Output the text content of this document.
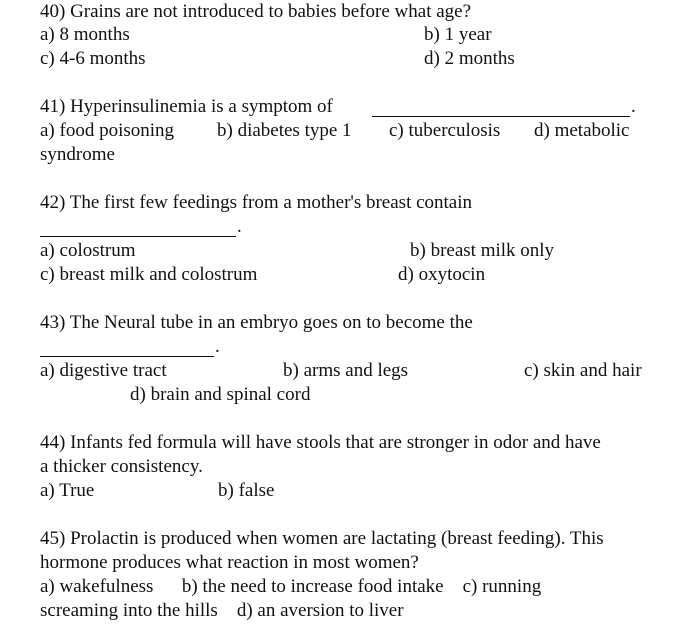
40) Grains are not introduced to babies before what age?
a) 8 months	b) 1 year
c) 4-6 months	d) 2 months
41) Hyperinsulinemia is a symptom of	.
a) food poisoning b) diabetes type 1 c) tuberculosis d) metabolic
syndrome
42) The first few feedings from a mother's breast contain
.
a) colostrum	b) breast milk only
c) breast milk and colostrum	d) oxytocin
43) The Neural tube in an embryo goes on to become the
.
a) digestive tract	b) arms and legs	c) skin and hair
d) brain and spinal cord
44) Infants fed formula will have stools that are stronger in odor and have
a thicker consistency.
a) True	b) false
45) Prolactin is produced when women are lactating (breast feeding). This
hormone produces what reaction in most women?
a) wakefulness      b) the need to increase food intake    c) running
screaming into the hills    d) an aversion to liver
